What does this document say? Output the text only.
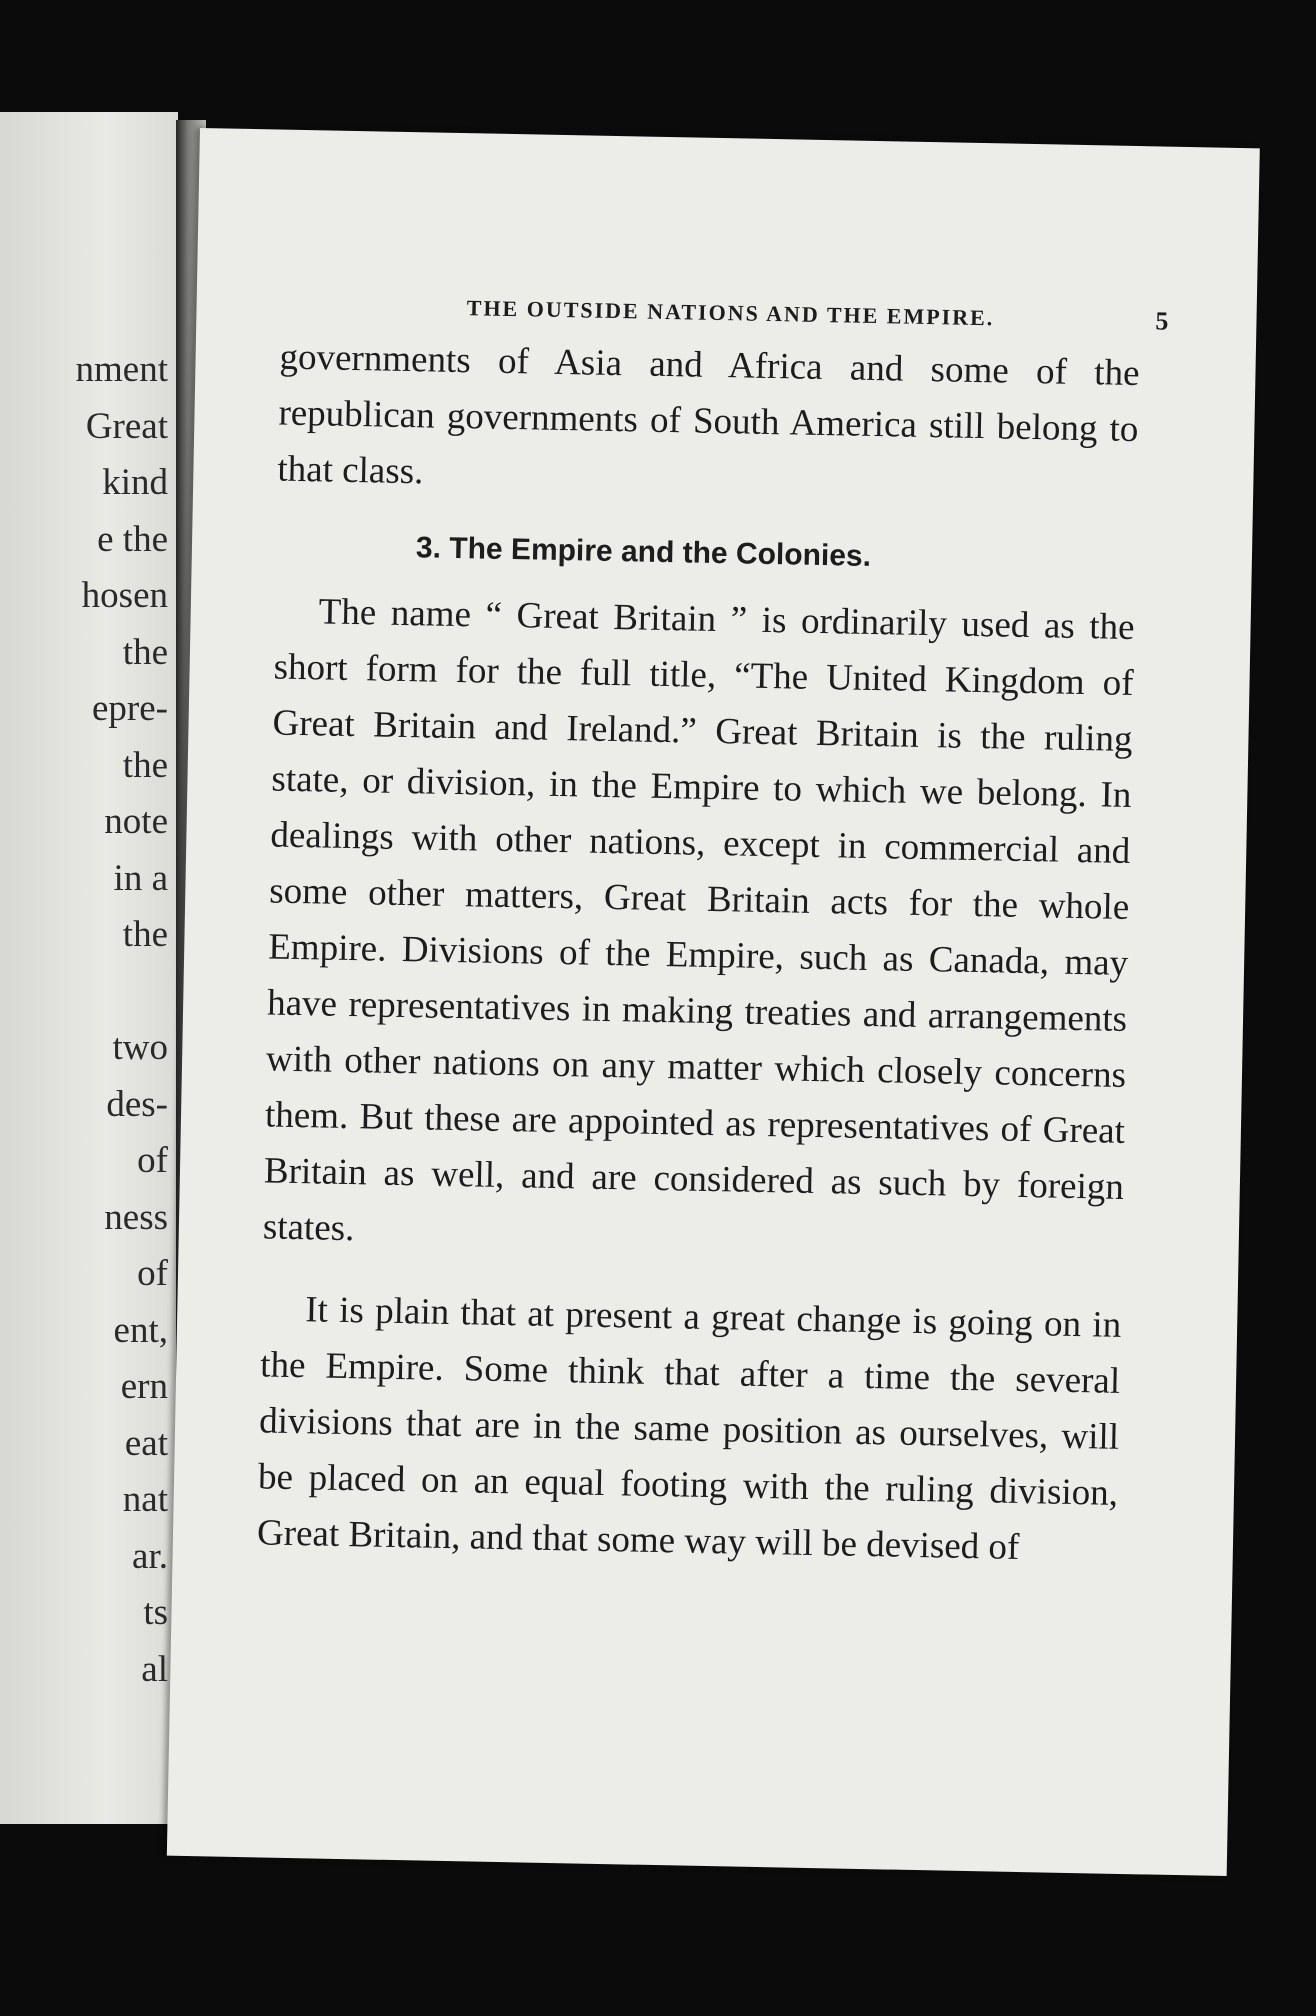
nment
Great
kind
e the
hosen
the
epre-
the
note
in a
the
two
des-
of
ness
of
ent,
ern
eat
nat
ar.
ts
al
THE OUTSIDE NATIONS AND THE EMPIRE.	5

governments of Asia and Africa and some of the republican governments of South America still belong to that class.

3. The Empire and the Colonies.

The name “ Great Britain ” is ordinarily used as the short form for the full title, “The United Kingdom of Great Britain and Ireland.” Great Britain is the ruling state, or division, in the Empire to which we belong. In dealings with other nations, except in commercial and some other matters, Great Britain acts for the whole Empire. Divisions of the Empire, such as Canada, may have representatives in making treaties and arrangements with other nations on any matter which closely concerns them. But these are appointed as representatives of Great Britain as well, and are considered as such by foreign states.

It is plain that at present a great change is going on in the Empire. Some think that after a time the several divisions that are in the same position as ourselves, will be placed on an equal footing with the ruling division, Great Britain, and that some way will be devised of
